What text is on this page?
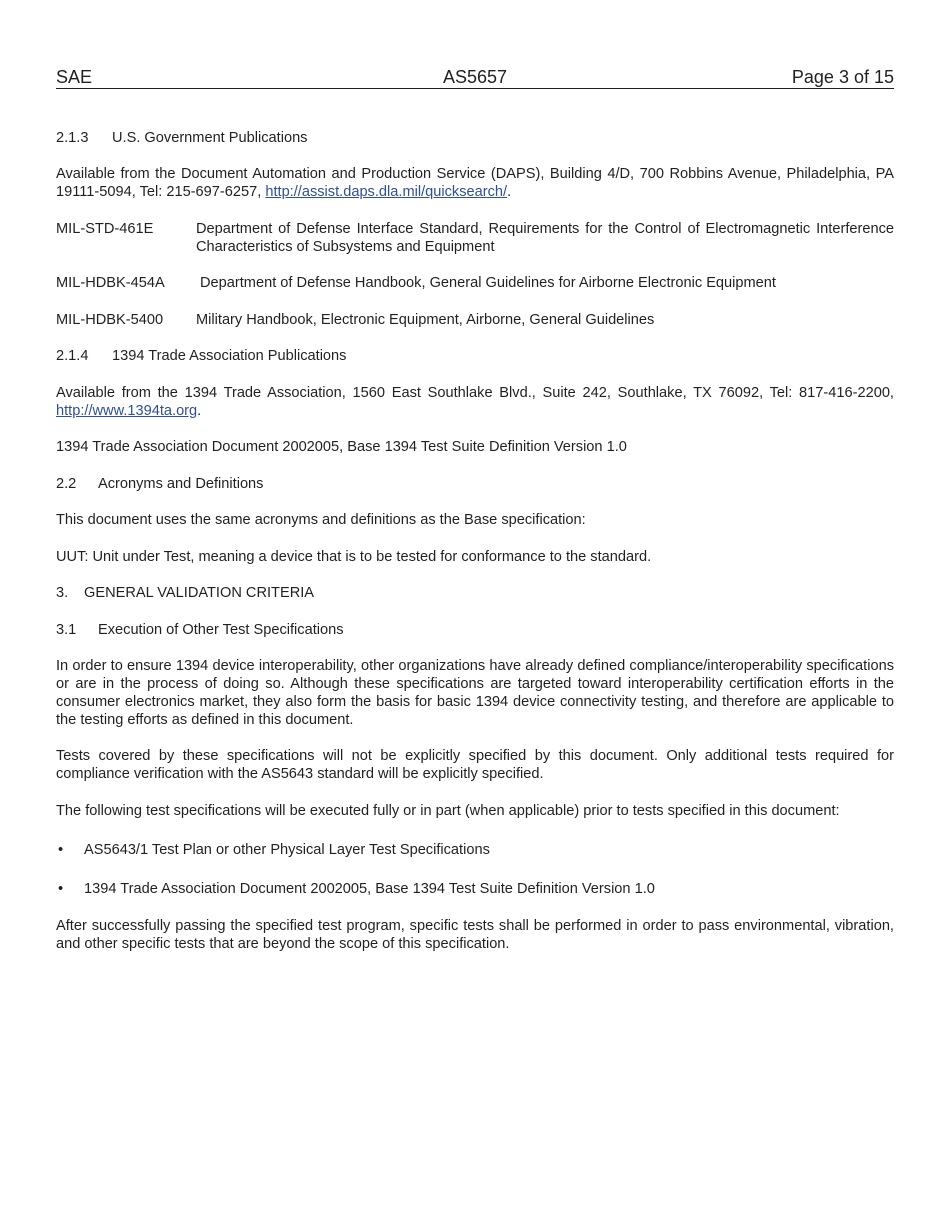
SAE	AS5657	Page 3 of 15
2.1.3 U.S. Government Publications
Available from the Document Automation and Production Service (DAPS), Building 4/D, 700 Robbins Avenue, Philadelphia, PA 19111-5094, Tel: 215-697-6257, http://assist.daps.dla.mil/quicksearch/.
MIL-STD-461E	Department of Defense Interface Standard, Requirements for the Control of Electromagnetic Interference Characteristics of Subsystems and Equipment
MIL-HDBK-454A Department of Defense Handbook, General Guidelines for Airborne Electronic Equipment
MIL-HDBK-5400 Military Handbook, Electronic Equipment, Airborne, General Guidelines
2.1.4 1394 Trade Association Publications
Available from the 1394 Trade Association, 1560 East Southlake Blvd., Suite 242, Southlake, TX 76092, Tel: 817-416-2200, http://www.1394ta.org.
1394 Trade Association Document 2002005, Base 1394 Test Suite Definition Version 1.0
2.2 Acronyms and Definitions
This document uses the same acronyms and definitions as the Base specification:
UUT: Unit under Test, meaning a device that is to be tested for conformance to the standard.
3. GENERAL VALIDATION CRITERIA
3.1 Execution of Other Test Specifications
In order to ensure 1394 device interoperability, other organizations have already defined compliance/interoperability specifications or are in the process of doing so. Although these specifications are targeted toward interoperability certification efforts in the consumer electronics market, they also form the basis for basic 1394 device connectivity testing, and therefore are applicable to the testing efforts as defined in this document.
Tests covered by these specifications will not be explicitly specified by this document. Only additional tests required for compliance verification with the AS5643 standard will be explicitly specified.
The following test specifications will be executed fully or in part (when applicable) prior to tests specified in this document:
• AS5643/1 Test Plan or other Physical Layer Test Specifications
• 1394 Trade Association Document 2002005, Base 1394 Test Suite Definition Version 1.0
After successfully passing the specified test program, specific tests shall be performed in order to pass environmental, vibration, and other specific tests that are beyond the scope of this specification.
